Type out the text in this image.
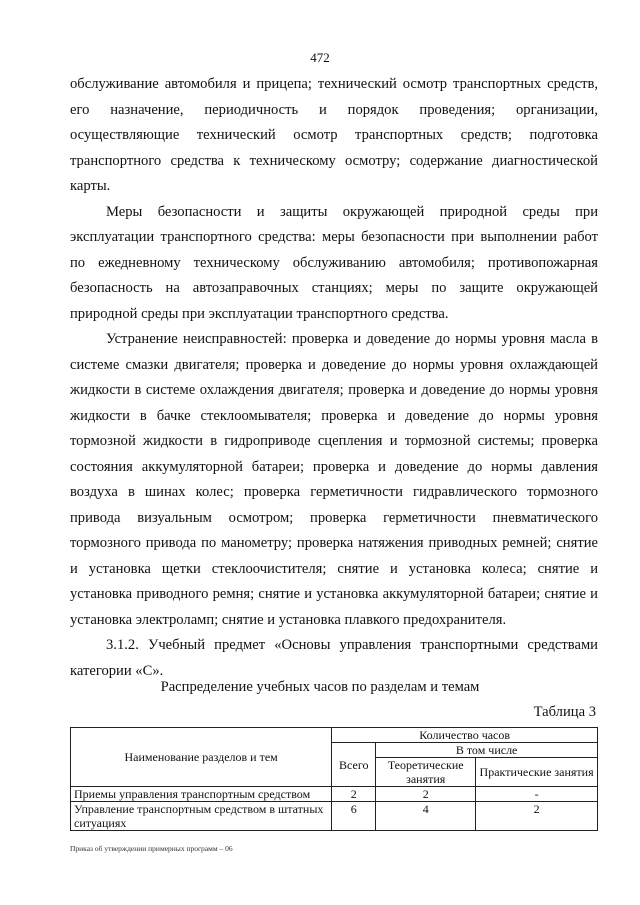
472

обслуживание автомобиля и прицепа; технический осмотр транспортных средств, его назначение, периодичность и порядок проведения; организации, осуществляющие технический осмотр транспортных средств; подготовка транспортного средства к техническому осмотру; содержание диагностической карты.

Меры безопасности и защиты окружающей природной среды при эксплуатации транспортного средства: меры безопасности при выполнении работ по ежедневному техническому обслуживанию автомобиля; противопожарная безопасность на автозаправочных станциях; меры по защите окружающей природной среды при эксплуатации транспортного средства.

Устранение неисправностей: проверка и доведение до нормы уровня масла в системе смазки двигателя; проверка и доведение до нормы уровня охлаждающей жидкости в системе охлаждения двигателя; проверка и доведение до нормы уровня жидкости в бачке стеклоомывателя; проверка и доведение до нормы уровня тормозной жидкости в гидроприводе сцепления и тормозной системы; проверка состояния аккумуляторной батареи; проверка и доведение до нормы давления воздуха в шинах колес; проверка герметичности гидравлического тормозного привода визуальным осмотром; проверка герметичности пневматического тормозного привода по манометру; проверка натяжения приводных ремней; снятие и установка щетки стеклоочистителя; снятие и установка колеса; снятие и установка приводного ремня; снятие и установка аккумуляторной батареи; снятие и установка электроламп; снятие и установка плавкого предохранителя.

3.1.2. Учебный предмет «Основы управления транспортными средствами категории «С».

Распределение учебных часов по разделам и темам
Таблица 3
Наименование разделов и тем	Количество часов		
	Всего	В том числе	
		Теоретические занятия	Практические занятия
Приемы управления транспортным средством	2	2	-
Управление транспортным средством в штатных ситуациях	6	4	2
Приказ об утверждении примерных программ – 06
